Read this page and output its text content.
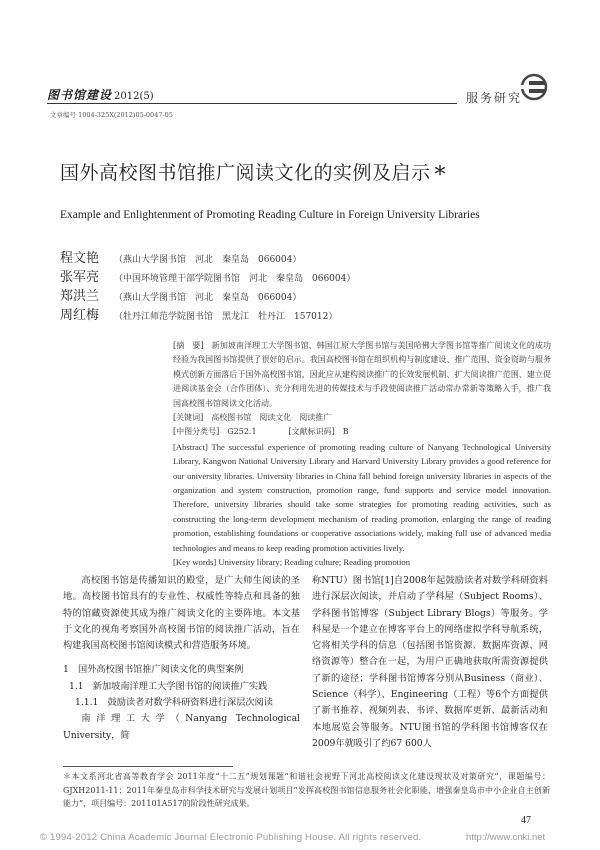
图书馆建设 2012(5)	服务研究
文章编号 1004-325X(2012)05-0047-05
国外高校图书馆推广阅读文化的实例及启示 *
Example and Enlightenment of Promoting Reading Culture in Foreign University Libraries
程文艳 （燕山大学图书馆　河北　秦皇岛　066004）
张军亮 （中国环境管理干部学院图书馆　河北　秦皇岛　066004）
郑洪兰 （燕山大学图书馆　河北　秦皇岛　066004）
周红梅 （牡丹江师范学院图书馆　黑龙江　牡丹江　157012）

[摘　要]　 新加坡南洋理工大学图书馆、韩国江原大学图书馆与美国哈佛大学图书馆等推广阅读文化的成功经验为我国图书馆提供了很好的启示。我国高校图书馆在组织机构与制度建设、推广范围、资金资助与服务模式创新方面落后于国外高校图书馆，因此应从建构阅读推广的长效发展机制、扩大阅读推广范围、建立促进阅读基金会（合作团体）、充分利用先进的传媒技术与手段使阅读推广活动常办常新等策略入手，推广我国高校图书馆阅读文化活动。

[关键词]　 高校图书馆　阅读文化　阅读推广

[中图分类号]　 G252.1　　　　	[文献标识码]　 B

[Abstract] The successful experience of promoting reading culture of Nanyang Technological University Library, Kangwon National University Library and Harvard University Library provides a good reference for our university libraries. University libraries in China fall behind foreign university libraries in aspects of the organization and system construction, promotion range, fund supports and service model innovation. Therefore, university libraries should take some strategies for promoting reading activities, such as constructing the long-term development mechanism of reading promotion, enlarging the range of reading promotion, establishing foundations or cooperative associations widely, making full use of advanced media technologies and means to keep reading promotion activities lively.

[Key words] University library; Reading culture; Reading promotion

高校图书馆是传播知识的殿堂，是广大师生阅读的圣地。高校图书馆具有的专业性、权威性等特点和具备的独特的馆藏资源使其成为推广阅读文化的主要阵地。本文基于文化的视角考察国外高校图书馆的阅读推广活动，旨在构建我国高校图书馆阅读模式和营造服务环境。

1　国外高校图书馆推广阅读文化的典型案例

1.1　新加坡南洋理工大学图书馆的阅读推广实践

1.1.1　鼓励读者对数学科研资料进行深层次阅读

南洋理工大学（Nanyang Technological University，简

称NTU）图书馆[1]自2008年起鼓励读者对数学科研资料进行深层次阅读，并启动了学科屋（Subject Rooms）、学科图书馆博客（Subject Library Blogs）等服务。学科屋是一个建立在博客平台上的网络虚拟学科导航系统，它将相关学科的信息（包括图书馆资源、数据库资源、网络资源等）整合在一起，为用户正确地获取所需资源提供了新的途径；学科图书馆博客分别从Business（商业）、Science（科学）、Engineering（工程）等6个方面提供了新书推荐、视频列表、书评、数据库更新、最新活动和本地展览会等服务。NTU图书馆的学科图书馆博客仅在2009年就吸引了约67 600人

＊本文系河北省高等教育学会 2011年度“十二五”规划课题“和谐社会视野下河北高校阅读文化建设现状及对策研究”，课题编号：GJXH2011-11；2011年秦皇岛市科学技术研究与发展计划项目“发挥高校图书馆信息服务社会化职能，增强秦皇岛市中小企业自主创新能力”，项目编号：201101A517的阶段性研究成果。
47
© 1994-2012 China Academic Journal Electronic Publishing House. All rights reserved.	http://www.cnki.net
